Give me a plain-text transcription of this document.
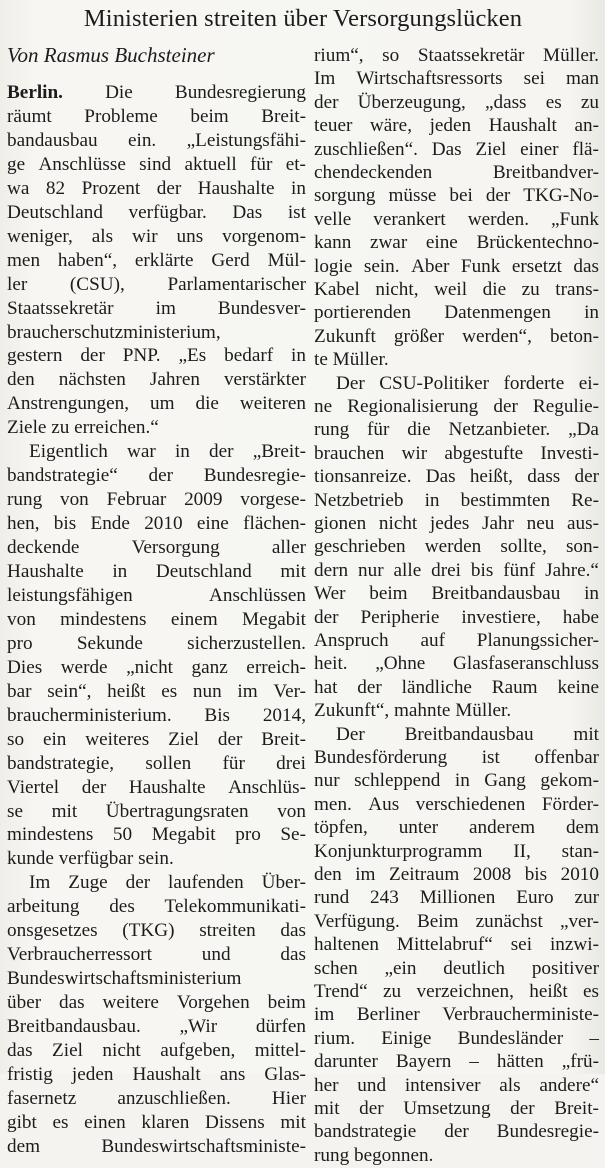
Ministerien streiten über Versorgungslücken
Von Rasmus Buchsteiner
Berlin. Die Bundesregierung
räumt Probleme beim Breit-
bandausbau ein. „Leistungsfähi-
ge Anschlüsse sind aktuell für et-
wa 82 Prozent der Haushalte in
Deutschland verfügbar. Das ist
weniger, als wir uns vorgenom-
men haben“, erklärte Gerd Mül-
ler (CSU), Parlamentarischer
Staatssekretär im Bundesver-
braucherschutzministerium,
gestern der PNP. „Es bedarf in
den nächsten Jahren verstärkter
Anstrengungen, um die weiteren
Ziele zu erreichen.“
Eigentlich war in der „Breit-
bandstrategie“ der Bundesregie-
rung von Februar 2009 vorgese-
hen, bis Ende 2010 eine flächen-
deckende	Versorgung	aller
Haushalte in Deutschland mit
leistungsfähigen	Anschlüssen
von mindestens einem Megabit
pro Sekunde sicherzustellen.
Dies werde „nicht ganz erreich-
bar sein“, heißt es nun im Ver-
braucherministerium. Bis 2014,
so ein weiteres Ziel der Breit-
bandstrategie, sollen für drei
Viertel der Haushalte Anschlüs-
se mit Übertragungsraten von
mindestens 50 Megabit pro Se-
kunde verfügbar sein.
Im Zuge der laufenden Über-
arbeitung des Telekommunikati-
onsgesetzes (TKG) streiten das
Verbraucherressort	und	das
Bundeswirtschaftsministerium
über das weitere Vorgehen beim
Breitbandausbau. „Wir dürfen
das Ziel nicht aufgeben, mittel-
fristig jeden Haushalt ans Glas-
fasernetz anzuschließen. Hier
gibt es einen klaren Dissens mit
dem	Bundeswirtschaftsministe-
rium“, so Staatssekretär Müller.
Im Wirtschaftsressorts sei man
der Überzeugung, „dass es zu
teuer wäre, jeden Haushalt an-
zuschließen“. Das Ziel einer flä-
chendeckenden	Breitbandver-
sorgung müsse bei der TKG-No-
velle verankert werden. „Funk
kann zwar eine Brückentechno-
logie sein. Aber Funk ersetzt das
Kabel nicht, weil die zu trans-
portierenden Datenmengen in
Zukunft größer werden“, beton-
te Müller.
Der CSU-Politiker forderte ei-
ne Regionalisierung der Regulie-
rung für die Netzanbieter. „Da
brauchen wir abgestufte Investi-
tionsanreize. Das heißt, dass der
Netzbetrieb in bestimmten Re-
gionen nicht jedes Jahr neu aus-
geschrieben werden sollte, son-
dern nur alle drei bis fünf Jahre.“
Wer beim Breitbandausbau in
der Peripherie investiere, habe
Anspruch auf Planungssicher-
heit. „Ohne Glasfaseranschluss
hat der ländliche Raum keine
Zukunft“, mahnte Müller.
Der Breitbandausbau mit
Bundesförderung ist offenbar
nur schleppend in Gang gekom-
men. Aus verschiedenen Förder-
töpfen, unter anderem dem
Konjunkturprogramm II, stan-
den im Zeitraum 2008 bis 2010
rund 243 Millionen Euro zur
Verfügung. Beim zunächst „ver-
haltenen Mittelabruf“ sei inzwi-
schen „ein deutlich positiver
Trend“ zu verzeichnen, heißt es
im Berliner Verbraucherministe-
rium. Einige Bundesländer –
darunter Bayern – hätten „frü-
her und intensiver als andere“
mit der Umsetzung der Breit-
bandstrategie der Bundesregie-
rung begonnen.
